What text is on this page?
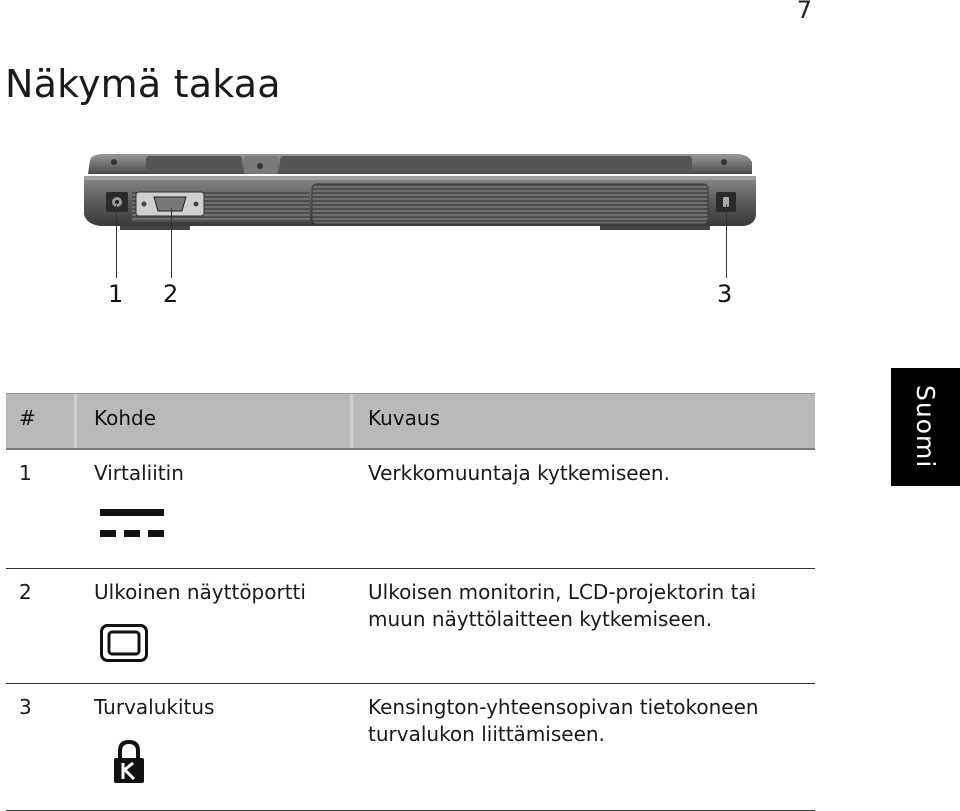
7
Näkymä takaa
1 2	3
Suomi
#	Kohde	Kuvaus
1	Virtaliitin	Verkkomuuntaja kytkemiseen.
2	Ulkoinen näyttöportti	Ulkoisen monitorin, LCD-projektorin tai muun näyttölaitteen kytkemiseen.
3	Turvalukitus	Kensington-yhteensopivan tietokoneen turvalukon liittämiseen.
